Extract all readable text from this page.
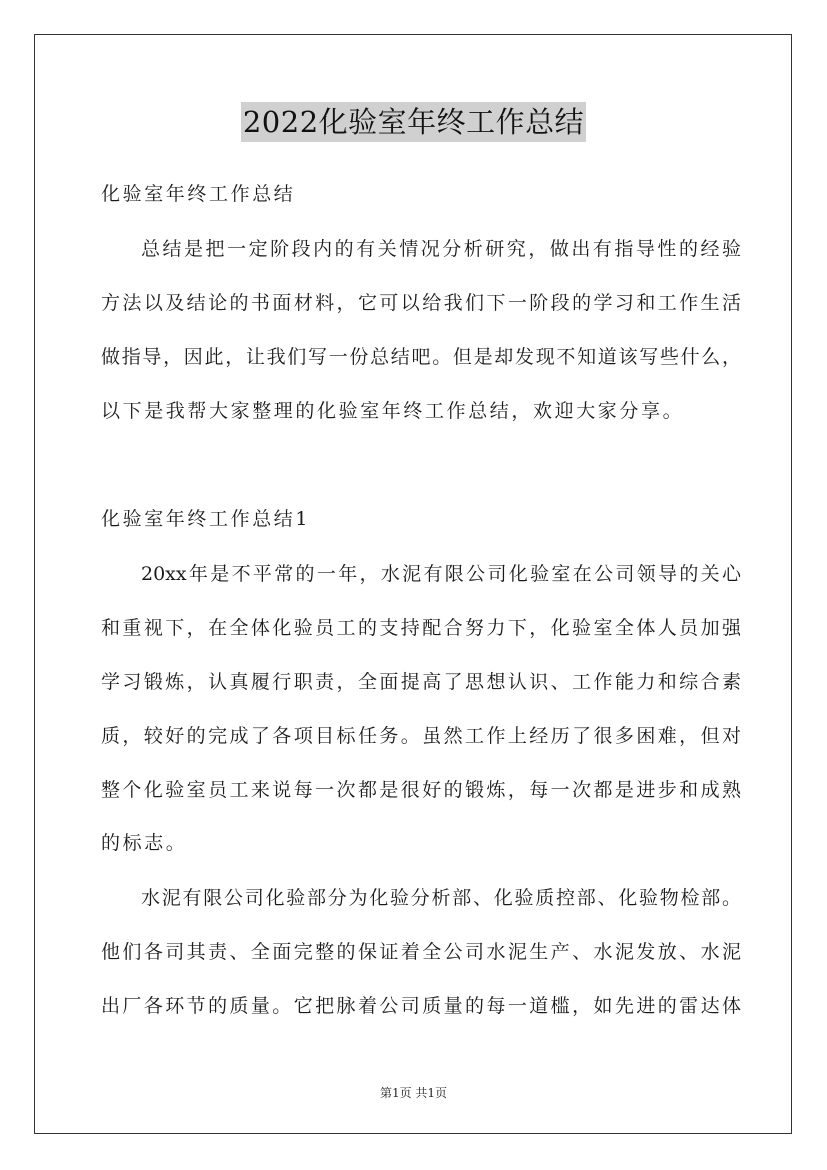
2022化验室年终工作总结
化验室年终工作总结
总结是把一定阶段内的有关情况分析研究，做出有指导性的经验
方法以及结论的书面材料，它可以给我们下一阶段的学习和工作生活
做指导，因此，让我们写一份总结吧。但是却发现不知道该写些什么，
以下是我帮大家整理的化验室年终工作总结，欢迎大家分享。
化验室年终工作总结1
20xx年是不平常的一年，水泥有限公司化验室在公司领导的关心
和重视下，在全体化验员工的支持配合努力下，化验室全体人员加强
学习锻炼，认真履行职责，全面提高了思想认识、工作能力和综合素
质，较好的完成了各项目标任务。虽然工作上经历了很多困难，但对
整个化验室员工来说每一次都是很好的锻炼，每一次都是进步和成熟
的标志。
水泥有限公司化验部分为化验分析部、化验质控部、化验物检部。
他们各司其责、全面完整的保证着全公司水泥生产、水泥发放、水泥
出厂各环节的质量。它把脉着公司质量的每一道槛，如先进的雷达体
第1页 共1页
